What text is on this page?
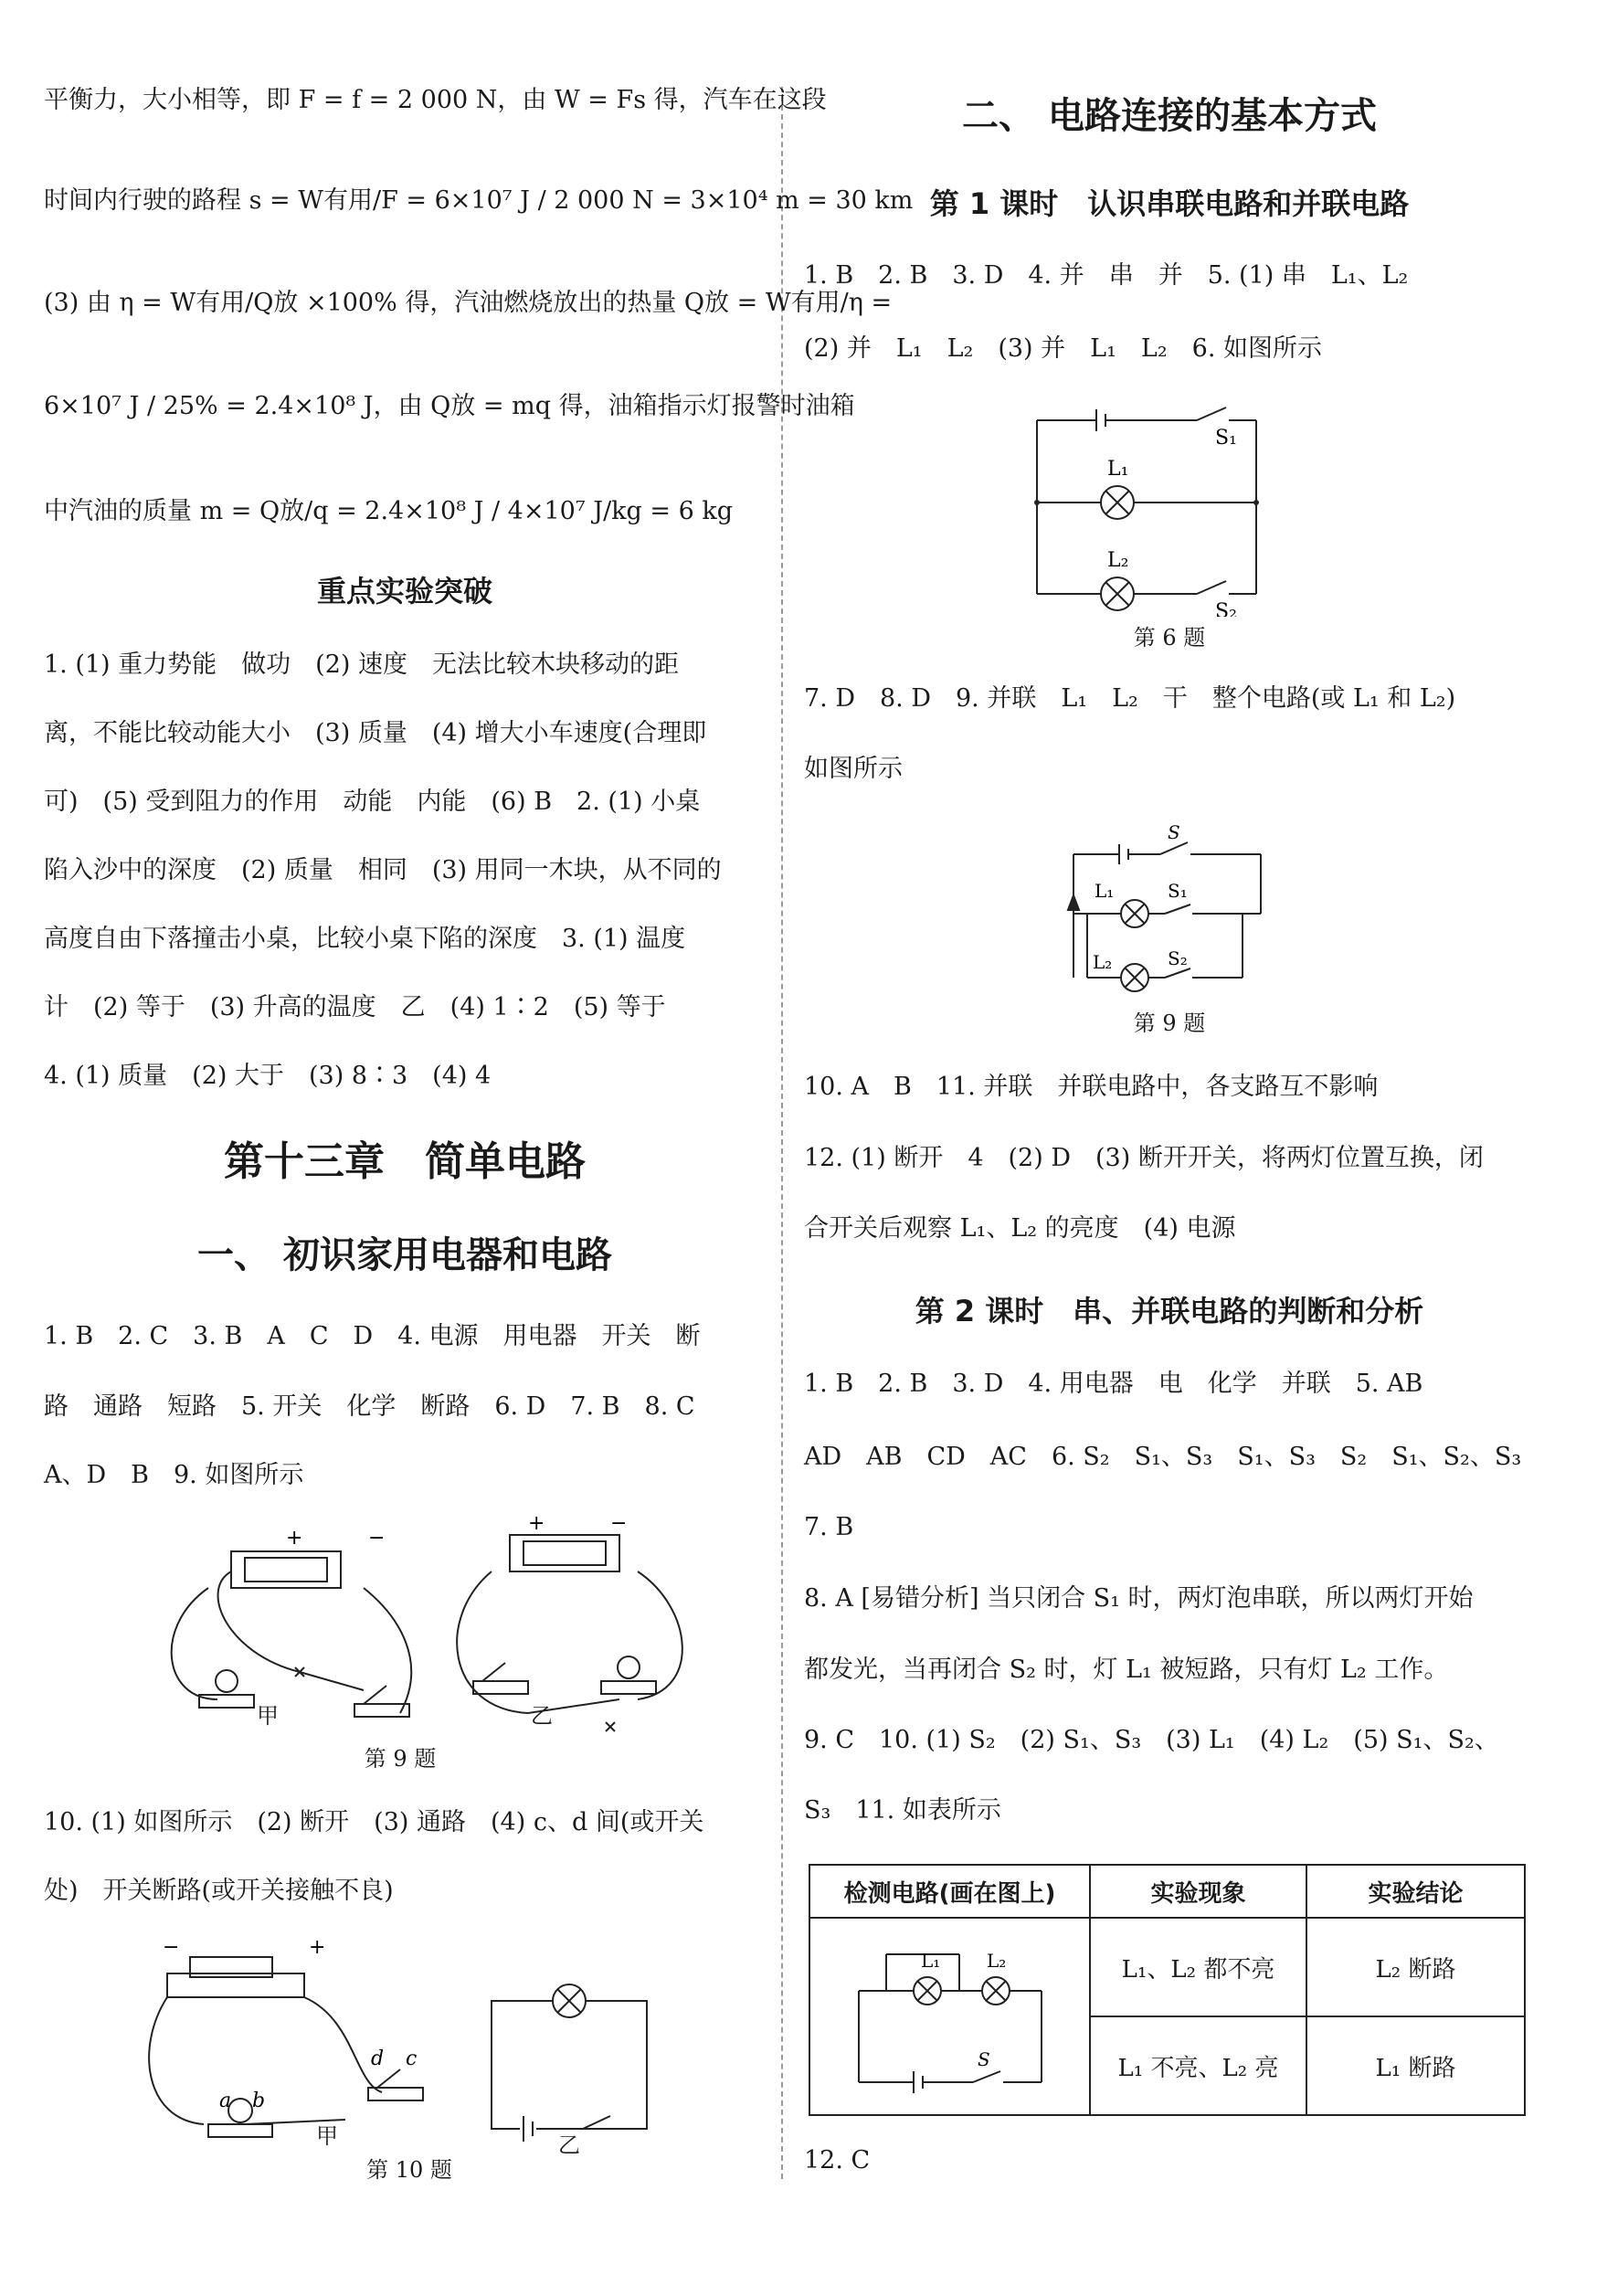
平衡力，大小相等，即 F = f = 2 000 N，由 W = Fs 得，汽车在这段
时间内行驶的路程 s = W有用/F = 6×10⁷ J / 2 000 N = 3×10⁴ m = 30 km
(3) 由 η = W有用/Q放 ×100% 得，汽油燃烧放出的热量 Q放 = W有用/η =
6×10⁷ J / 25% = 2.4×10⁸ J，由 Q放 = mq 得，油箱指示灯报警时油箱
中汽油的质量 m = Q放/q = 2.4×10⁸ J / 4×10⁷ J/kg = 6 kg
重点实验突破
1. (1) 重力势能　做功　(2) 速度　无法比较木块移动的距
离，不能比较动能大小　(3) 质量　(4) 增大小车速度(合理即
可)　(5) 受到阻力的作用　动能　内能　(6) B　2. (1) 小桌
陷入沙中的深度　(2) 质量　相同　(3) 用同一木块，从不同的
高度自由下落撞击小桌，比较小桌下陷的深度　3. (1) 温度
计　(2) 等于　(3) 升高的温度　乙　(4) 1∶2　(5) 等于
4. (1) 质量　(2) 大于　(3) 8∶3　(4) 4
第十三章　简单电路
一、 初识家用电器和电路
1. B　2. C　3. B　A　C　D　4. 电源　用电器　开关　断
路　通路　短路　5. 开关　化学　断路　6. D　7. B　8. C
A、D　B　9. 如图所示
+	−
+	−
甲	乙
第 9 题
10. (1) 如图所示　(2) 断开　(3) 通路　(4) c、d 间(或开关
处)　开关断路(或开关接触不良)
−	+
a b
c
d
甲	乙
第 10 题
二、 电路连接的基本方式
第 1 课时　认识串联电路和并联电路
1. B　2. B　3. D　4. 并　串　并　5. (1) 串　L₁、L₂
(2) 并　L₁　L₂　(3) 并　L₁　L₂　6. 如图所示
L₁
L₂
S₁
S₂
第 6 题
7. D　8. D　9. 并联　L₁　L₂　干　整个电路(或 L₁ 和 L₂)
如图所示
S
L₁	S₁
L₂	S₂
第 9 题
10. A　B　11. 并联　并联电路中，各支路互不影响
12. (1) 断开　4　(2) D　(3) 断开开关，将两灯位置互换，闭
合开关后观察 L₁、L₂ 的亮度　(4) 电源
第 2 课时　串、并联电路的判断和分析
1. B　2. B　3. D　4. 用电器　电　化学　并联　5. AB
AD　AB　CD　AC　6. S₂　S₁、S₃　S₁、S₃　S₂　S₁、S₂、S₃
7. B
8. A [易错分析] 当只闭合 S₁ 时，两灯泡串联，所以两灯开始
都发光，当再闭合 S₂ 时，灯 L₁ 被短路，只有灯 L₂ 工作。
9. C　10. (1) S₂　(2) S₁、S₃　(3) L₁　(4) L₂　(5) S₁、S₂、
S₃　11. 如表所示
检测电路(画在图上)	实验现象	实验结论

L₁ L₂
S	L₁、L₂ 都不亮	L₂ 断路
	L₁ 不亮、L₂ 亮	L₁ 断路
12. C
